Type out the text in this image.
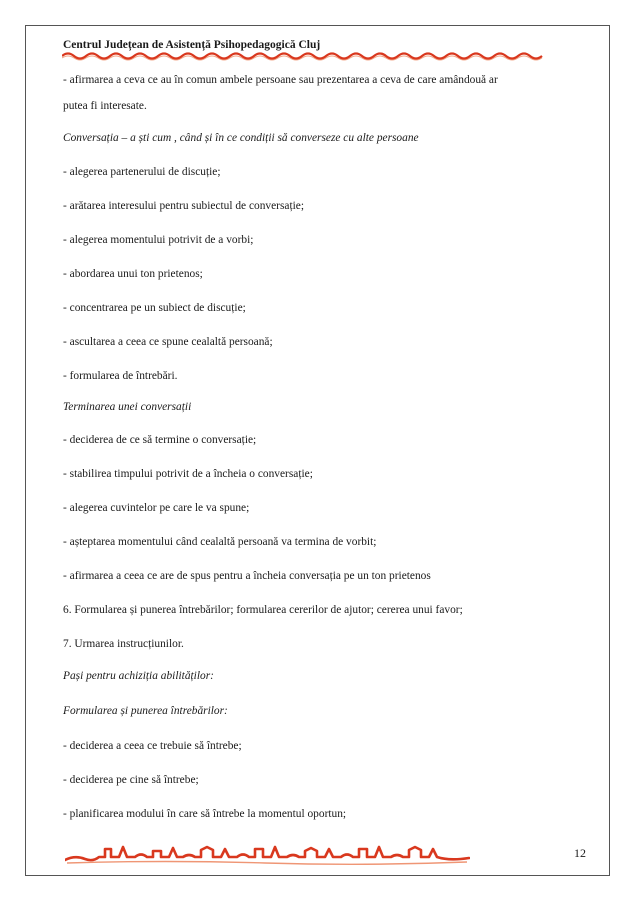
Centrul Județean de Asistență Psihopedagogică Cluj
- afirmarea a ceva ce au în comun ambele persoane sau prezentarea a ceva de care amândouă ar
putea fi interesate.
Conversația – a ști cum , când și în ce condiții să converseze cu alte persoane
- alegerea partenerului de discuție;
- arătarea interesului pentru subiectul de conversație;
- alegerea momentului potrivit de a vorbi;
- abordarea unui ton prietenos;
- concentrarea pe un subiect de discuție;
- ascultarea a ceea ce spune cealaltă persoană;
- formularea de întrebări.
Terminarea unei conversații
- deciderea de ce să termine o conversație;
- stabilirea timpului potrivit de a încheia o conversație;
- alegerea cuvintelor pe care le va spune;
- așteptarea momentului când cealaltă persoană va termina de vorbit;
- afirmarea a ceea ce are de spus pentru a încheia conversația pe un ton prietenos
6. Formularea și punerea întrebărilor; formularea cererilor de ajutor; cererea unui favor;
7. Urmarea instrucțiunilor.
Pași pentru achiziția abilităților:
Formularea și punerea întrebărilor:
- deciderea a ceea ce trebuie să întrebe;
- deciderea pe cine să întrebe;
- planificarea modului în care să întrebe la momentul oportun;
12
